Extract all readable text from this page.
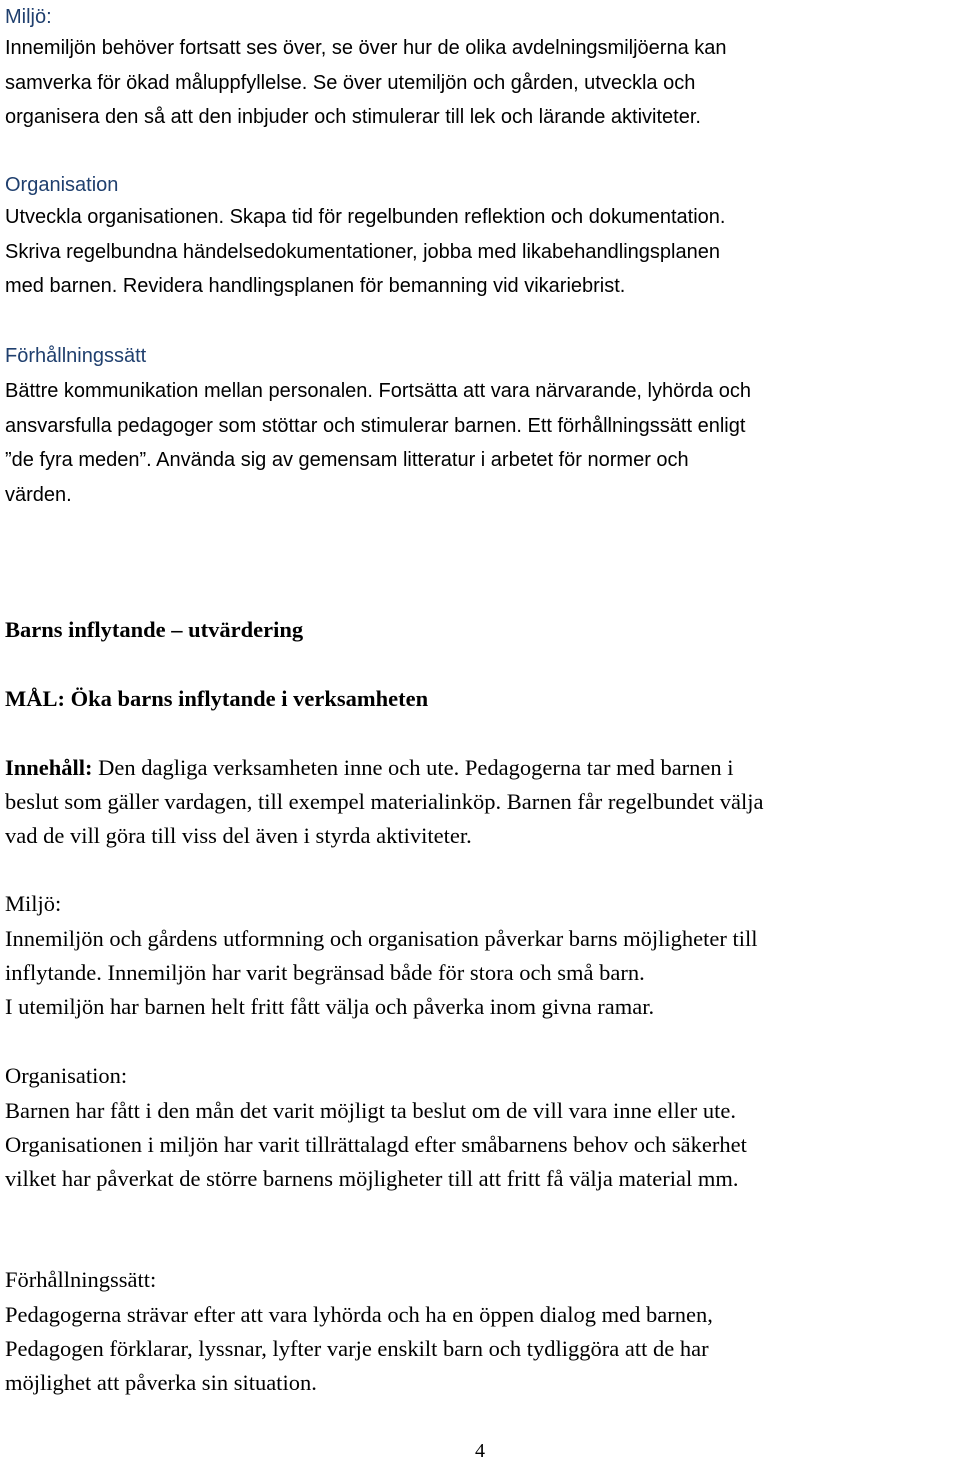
Miljö:
Innemiljön behöver fortsatt ses över, se över hur de olika avdelningsmiljöerna kan
samverka för ökad måluppfyllelse. Se över utemiljön och gården, utveckla och
organisera den så att den inbjuder och stimulerar till lek och lärande aktiviteter.
Organisation
Utveckla organisationen. Skapa tid för regelbunden reflektion och dokumentation.
Skriva regelbundna händelsedokumentationer, jobba med likabehandlingsplanen
med barnen. Revidera handlingsplanen för bemanning vid vikariebrist.
Förhållningssätt
Bättre kommunikation mellan personalen. Fortsätta att vara närvarande, lyhörda och
ansvarsfulla pedagoger som stöttar och stimulerar barnen. Ett förhållningssätt enligt
”de fyra meden”. Använda sig av gemensam litteratur i arbetet för normer och
värden.
Barns inflytande – utvärdering
MÅL: Öka barns inflytande i verksamheten
Innehåll: Den dagliga verksamheten inne och ute. Pedagogerna tar med barnen i
beslut som gäller vardagen, till exempel materialinköp. Barnen får regelbundet välja
vad de vill göra till viss del även i styrda aktiviteter.
Miljö:
Innemiljön och gårdens utformning och organisation påverkar barns möjligheter till
inflytande. Innemiljön har varit begränsad både för stora och små barn.
I utemiljön har barnen helt fritt fått välja och påverka inom givna ramar.
Organisation:
Barnen har fått i den mån det varit möjligt ta beslut om de vill vara inne eller ute.
Organisationen i miljön har varit tillrättalagd efter småbarnens behov och säkerhet
vilket har påverkat de större barnens möjligheter till att fritt få välja material mm.
Förhållningssätt:
Pedagogerna strävar efter att vara lyhörda och ha en öppen dialog med barnen,
Pedagogen förklarar, lyssnar, lyfter varje enskilt barn och tydliggöra att de har
möjlighet att påverka sin situation.
4
